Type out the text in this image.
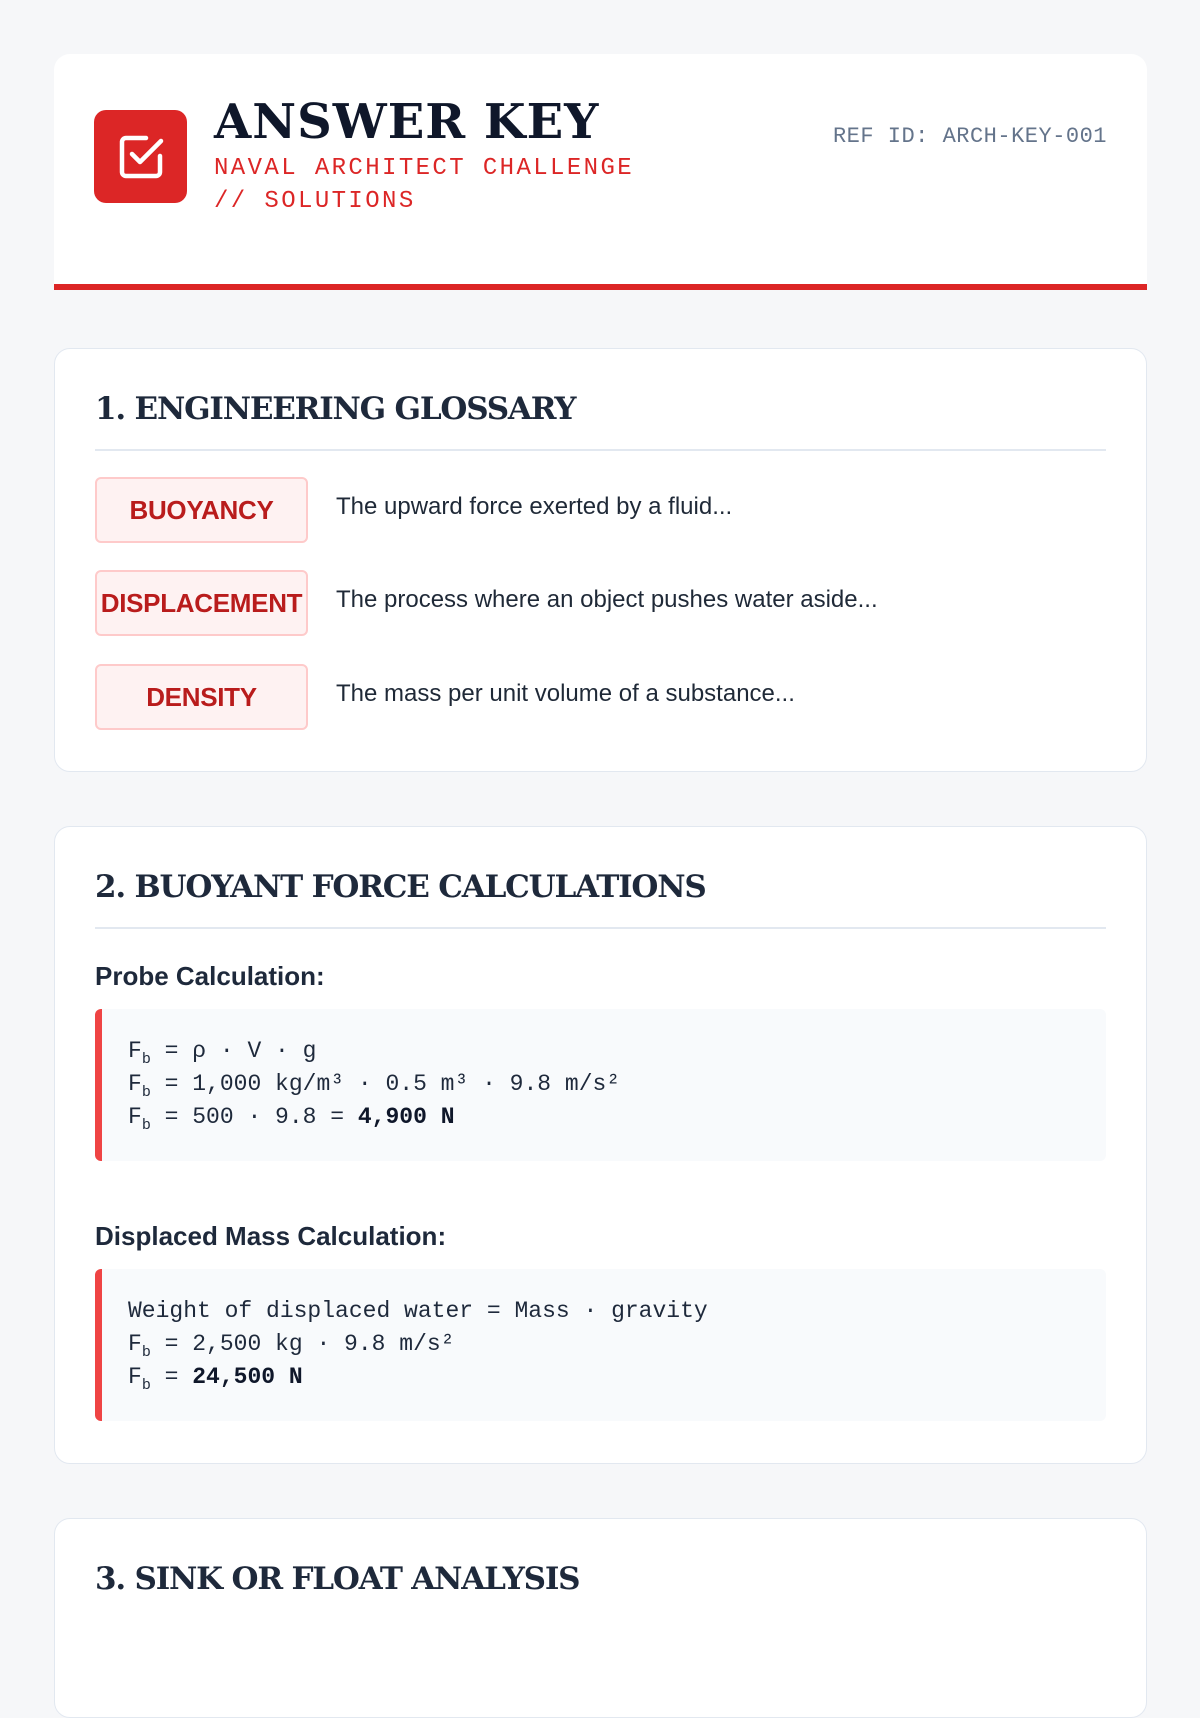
ANSWER KEY
NAVAL ARCHITECT CHALLENGE // SOLUTIONS
REF ID: ARCH-KEY-001
1. ENGINEERING GLOSSARY
BUOYANCY	The upward force exerted by a fluid...
DISPLACEMENT The process where an object pushes water aside...
DENSITY	The mass per unit volume of a substance...
2. BUOYANT FORCE CALCULATIONS
Probe Calculation:
$F_b = \rho \cdot V \cdot g$
$F_b = 1,000$ kg/m³ · 0.5 m³ · 9.8 m/s²
$F_b = 500 \cdot 9.8 = 4,900$ N
Displaced Mass Calculation:
Weight of displaced water = Mass · gravity
$F_b = 2,500$ kg · 9.8 m/s²
$F_b = 24,500$ N
3. SINK OR FLOAT ANALYSIS
